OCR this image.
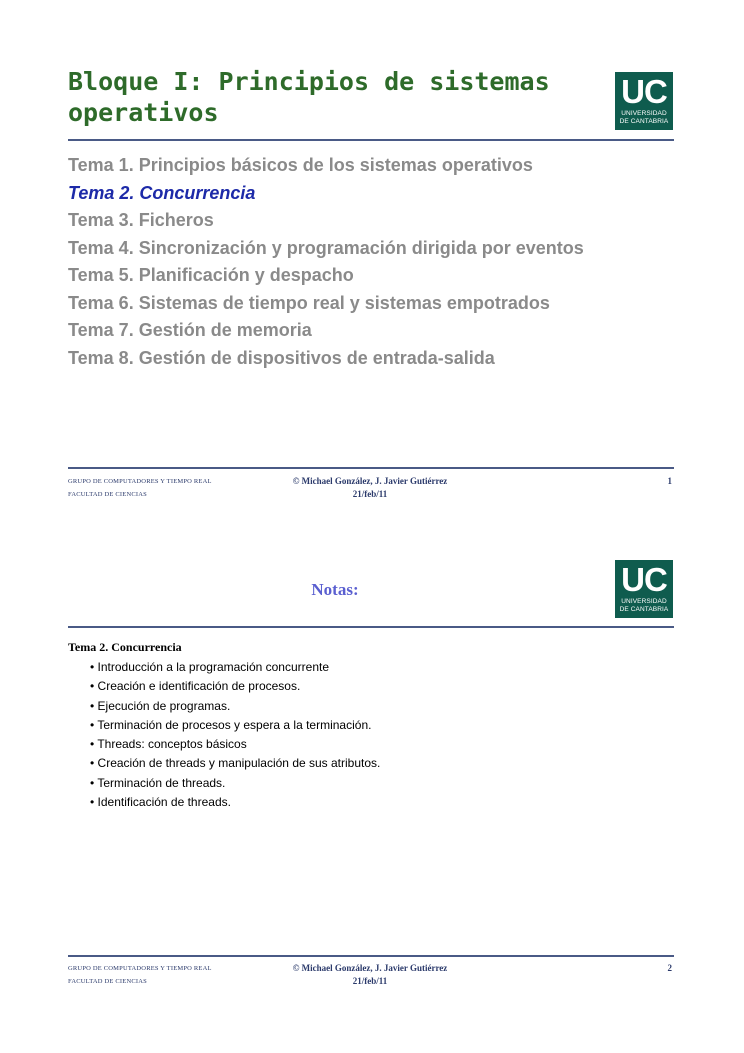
Bloque I: Principios de sistemas operativos
UC
UNIVERSIDAD
DE CANTABRIA
Tema 1. Principios básicos de los sistemas operativos
Tema 2. Concurrencia
Tema 3. Ficheros
Tema 4. Sincronización y programación dirigida por eventos
Tema 5. Planificación y despacho
Tema 6. Sistemas de tiempo real y sistemas empotrados
Tema 7. Gestión de memoria
Tema 8. Gestión de dispositivos de entrada-salida
GRUPO DE COMPUTADORES Y TIEMPO REAL
FACULTAD DE CIENCIAS
© Michael González, J. Javier Gutiérrez
21/feb/11
1
Notas:	UC
UNIVERSIDAD
DE CANTABRIA
Tema 2. Concurrencia
• Introducción a la programación concurrente
• Creación e identificación de procesos.
• Ejecución de programas.
• Terminación de procesos y espera a la terminación.
• Threads: conceptos básicos
• Creación de threads y manipulación de sus atributos.
• Terminación de threads.
• Identificación de threads.
GRUPO DE COMPUTADORES Y TIEMPO REAL
FACULTAD DE CIENCIAS
© Michael González, J. Javier Gutiérrez
21/feb/11
2
